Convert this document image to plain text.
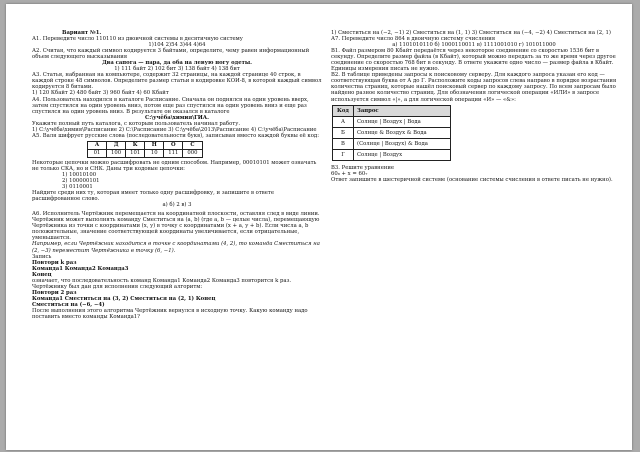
Вариант №1.

А1. Переведите число 110110 из двоичной системы в десятичную систему

1)104 2)54 3)44 4)64

А2. Считая, что каждый символ кодируется 3 байтами, определите, чему равен информационный объем следующего высказывания

Два сапога — пара, да оба на левую ногу одеты.

1) 111 байт 2) 102 бит 3) 138 байт 4) 138 бит

А3. Статья, набранная на компьютере, содержит 32 страницы, на каждой странице 40 строк, в каждой строке 48 символов. Определите размер статьи в кодировке КОИ-8, в которой каждый символ кодируется 8 битами.

1) 120 Кбайт 2) 480 байт 3) 960 байт 4) 60 Кбайт

А4. Пользователь находился в каталоге Расписание. Сначала он поднялся на один уровень вверх, затем спустился на один уровень вниз, потом еще раз спустился на один уровень вниз и еще раз спустился на один уровень вниз. В результате он оказался в каталоге

С:\учёба\химия\ГИА.

Укажите полный путь каталога, с которым пользователь начинал работу.

1) С:\учёба\химия\Расписание 2) С:\Расписание 3) С:\учёба\2013\Расписание 4) С:\учёба\Расписание

А5. Валя шифрует русские слова (последовательности букв), записывая вместо каждой буквы её код:

А	Д	К	Н	О	С
01	100	101	10	111	000

Некоторые цепочки можно расшифровать не одним способом. Например, 00010101 может означать не только СКА, но и СНК. Даны три кодовые цепочки:

1) 10010100

2) 100000101

3) 0110001

Найдите среди них ту, которая имеет только одну расшифровку, и запишите в ответе расшифрованное слово.

а) б) 2 в) 3

А6. Исполнитель Чертёжник перемещается на координатной плоскости, оставляя след в виде линии. Чертёжник может выполнять команду Сместиться на (a, b) (где a, b — целые числа), перемещающую Чертёжника из точки с координатами (x, y) в точку с координатами (x + a, y + b). Если числа a, b положительные, значение соответствующей координаты увеличивается, если отрицательные, уменьшается.

Например, если Чертёжник находится в точке с координатами (4, 2), то команда Сместиться на (2, −3) переместит Чертёжника в точку (6, −1).

Запись

Повтори k раз

Команда1 Команда2 Команда3

Конец

означает, что последовательность команд Команда1 Команда2 Команда3 повторится k раз.

Чертёжнику был дан для исполнения следующий алгоритм:

Повтори 2 раз

Команда1 Сместиться на (3, 2) Сместиться на (2, 1) Конец

Сместиться на (−6, −4)

После выполнения этого алгоритма Чертёжник вернулся в исходную точку. Какую команду надо поставить вместо команды Команда1?

1) Сместиться на (−2, −1) 2) Сместиться на (1, 1) 3) Сместиться на (−4, −2) 4) Сместиться на (2, 1)

А7. Переведите число 864 в двоичную систему счисления

а) 1101010110 б) 1000110011 в) 1111001010 г) 101011000

В1. Файл размером 80 Кбайт передаётся через некоторое соединение со скоростью 1536 бит в секунду. Определите размер файла (в Кбайт), который можно передать за то же время через другое соединение со скоростью 768 бит в секунду. В ответе укажите одно число — размер файла в Кбайт. Единицы измерения писать не нужно.

В2. В таблице приведены запросы к поисковому серверу. Для каждого запроса указан его код — соответствующая буква от А до Г. Расположите коды запросов слева направо в порядке возрастания количества страниц, которые нашёл поисковый сервер по каждому запросу. По всем запросам было найдено разное количество страниц. Для обозначения логической операции «ИЛИ» в запросе используется символ «|», а для логической операции «И» — «&»:

Код	Запрос
А	Солнце | Воздух | Вода
Б	Солнце & Воздух & Вода
В	(Солнце | Воздух) & Вода
Г	Солнце | Воздух

В3. Решите уравнение

60₈ + x = 60₇

Ответ запишите в шестеричной системе (основание системы счисления в ответе писать не нужно).
